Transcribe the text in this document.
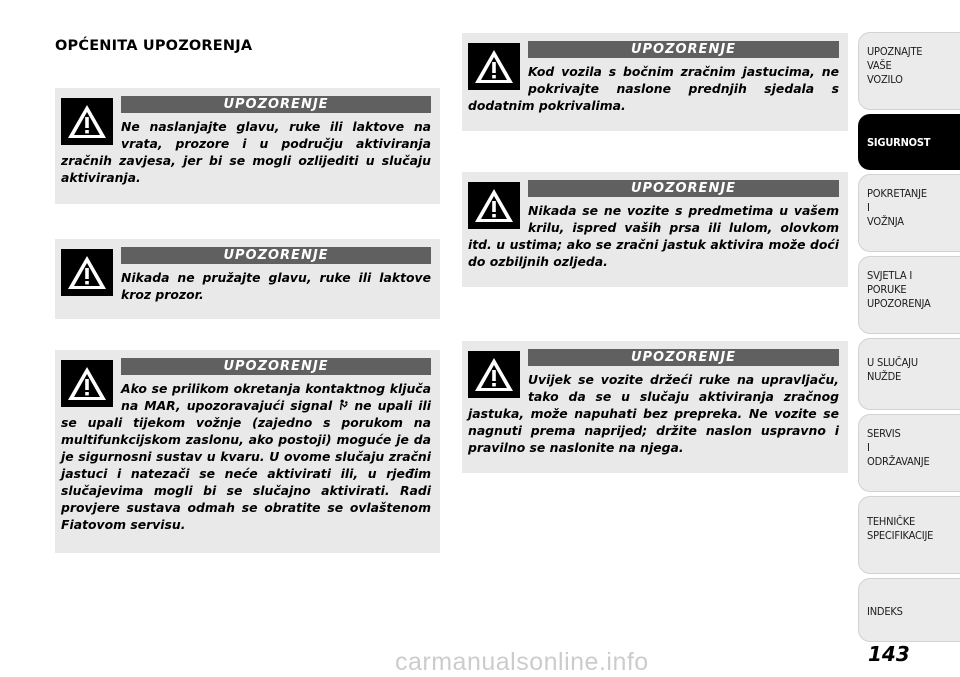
OPĆENITA UPOZORENJA
UPOZORENJE

Ne naslanjajte glavu, ruke ili laktove na vrata, prozore i u području aktiviranja zračnih zavjesa, jer bi se mogli ozlijediti u slučaju aktiviranja.

UPOZORENJE

Nikada ne pružajte glavu, ruke ili laktove kroz prozor.

UPOZORENJE

Ako se prilikom okretanja kontaktnog ključa na MAR, upozoravajući signal ne upali ili se upali tijekom vožnje (zajedno s porukom na multifunkcijskom zaslonu, ako postoji) moguće je da je sigurnosni sustav u kvaru. U ovome slučaju zračni jastuci i natezači se neće aktivirati ili, u rjeđim slučajevima mogli bi se slučajno aktivirati. Radi provjere sustava odmah se obratite se ovlaštenom Fiatovom servisu.

UPOZORENJE

Kod vozila s bočnim zračnim jastucima, ne pokrivajte naslone prednjih sjedala s dodatnim pokrivalima.

UPOZORENJE

Nikada se ne vozite s predmetima u vašem krilu, ispred vaših prsa ili lulom, olovkom itd. u ustima; ako se zračni jastuk aktivira može doći do ozbiljnih ozljeda.

UPOZORENJE

Uvijek se vozite držeći ruke na upravljaču, tako da se u slučaju aktiviranja zračnog jastuka, može napuhati bez prepreka. Ne vozite se nagnuti prema naprijed; držite naslon uspravno i pravilno se naslonite na njega.

UPOZNAJTE
VAŠE
VOZILO
SIGURNOST
POKRETANJE
I
VOŽNJA
SVJETLA I
PORUKE
UPOZORENJA
U SLUČAJU
NUŽDE
SERVIS
I
ODRŽAVANJE
TEHNIČKE
SPECIFIKACIJE
INDEKS
143
carmanualsonline.info
